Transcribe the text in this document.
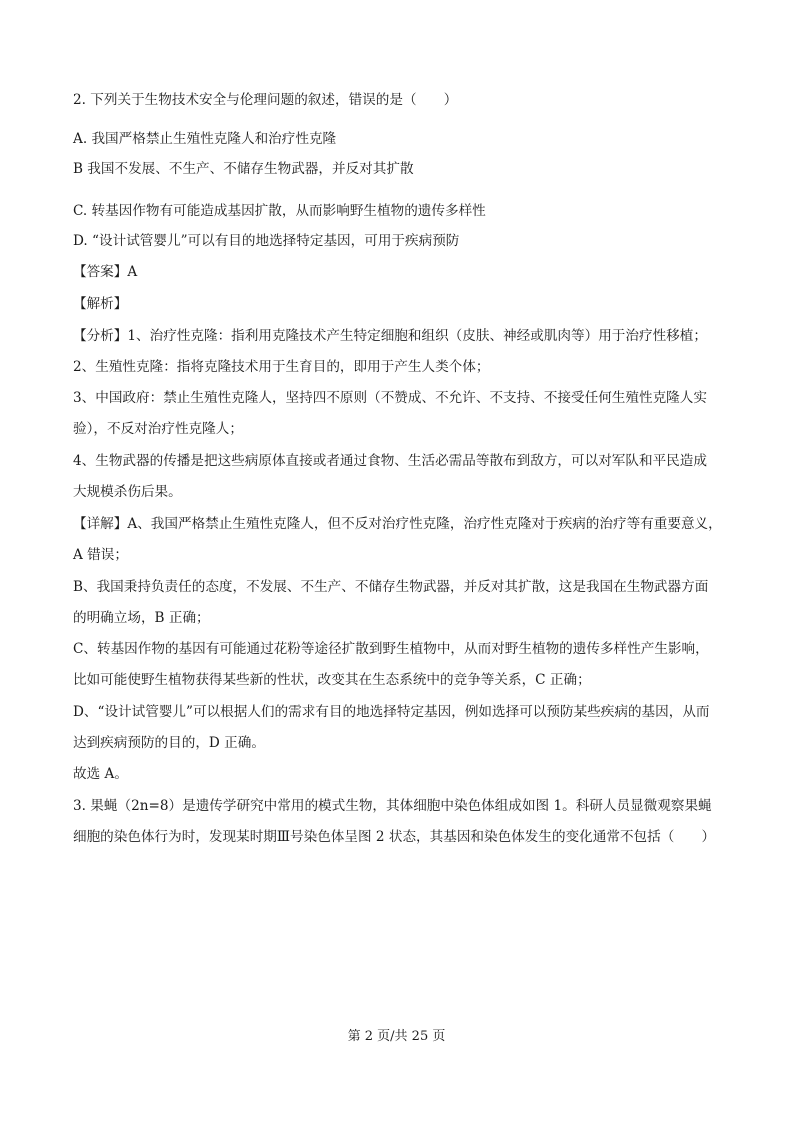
2. 下列关于生物技术安全与伦理问题的叙述，错误的是（　　）
A. 我国严格禁止生殖性克隆人和治疗性克隆
B 我国不发展、不生产、不储存生物武器，并反对其扩散
C. 转基因作物有可能造成基因扩散，从而影响野生植物的遗传多样性
D. “设计试管婴儿”可以有目的地选择特定基因，可用于疾病预防
【答案】A
【解析】
【分析】1、治疗性克隆：指利用克隆技术产生特定细胞和组织（皮肤、神经或肌肉等）用于治疗性移植；
2、生殖性克隆：指将克隆技术用于生育目的，即用于产生人类个体；
3、中国政府：禁止生殖性克隆人，坚持四不原则（不赞成、不允许、不支持、不接受任何生殖性克隆人实
验），不反对治疗性克隆人；
4、生物武器的传播是把这些病原体直接或者通过食物、生活必需品等散布到敌方，可以对军队和平民造成
大规模杀伤后果。
【详解】A、我国严格禁止生殖性克隆人，但不反对治疗性克隆，治疗性克隆对于疾病的治疗等有重要意义，
A 错误；
B、我国秉持负责任的态度，不发展、不生产、不储存生物武器，并反对其扩散，这是我国在生物武器方面
的明确立场，B 正确；
C、转基因作物的基因有可能通过花粉等途径扩散到野生植物中，从而对野生植物的遗传多样性产生影响，
比如可能使野生植物获得某些新的性状，改变其在生态系统中的竞争等关系，C 正确；
D、“设计试管婴儿”可以根据人们的需求有目的地选择特定基因，例如选择可以预防某些疾病的基因，从而
达到疾病预防的目的，D 正确。
故选 A。
3. 果蝇（2n=8）是遗传学研究中常用的模式生物，其体细胞中染色体组成如图 1。科研人员显微观察果蝇
细胞的染色体行为时，发现某时期Ⅲ号染色体呈图 2 状态，其基因和染色体发生的变化通常不包括（　　）
第 2 页/共 25 页
